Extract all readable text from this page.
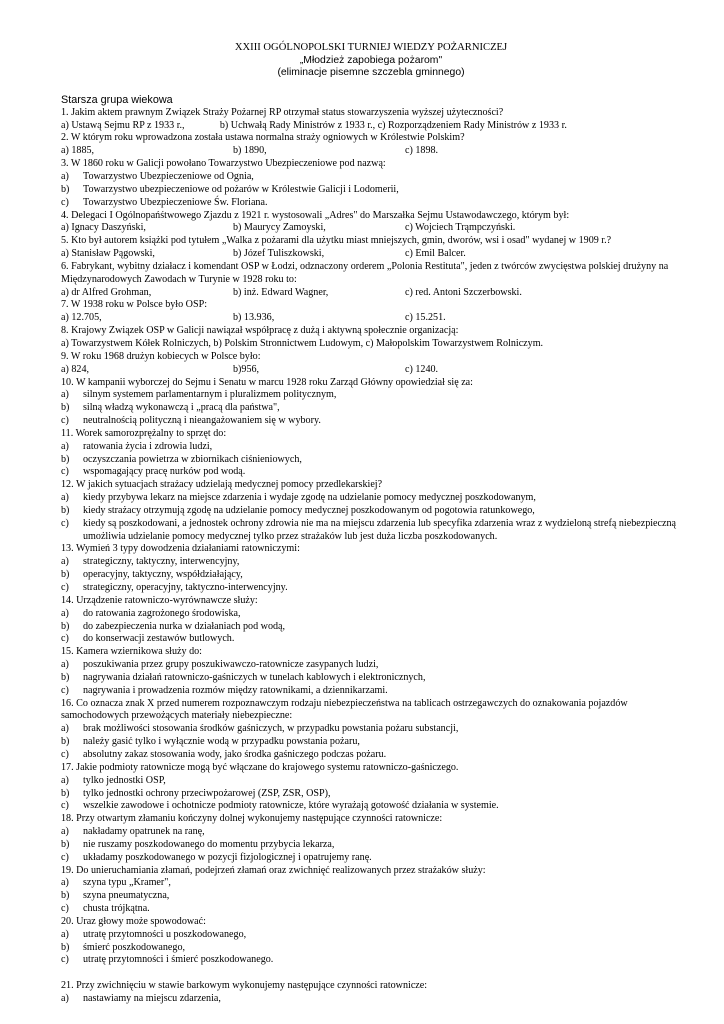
XXIII OGÓLNOPOLSKI TURNIEJ WIEDZY POŻARNICZEJ
„Młodzież zapobiega pożarom"
(eliminacje pisemne szczebla gminnego)
Starsza grupa wiekowa
1. Jakim aktem prawnym Związek Straży Pożarnej RP otrzymał status stowarzyszenia wyższej użyteczności?
a) Ustawą Sejmu RP z 1933 r.,              b) Uchwałą Rady Ministrów z 1933 r., c) Rozporządzeniem Rady Ministrów z 1933 r.
2. W którym roku wprowadzona została ustawa normalna straży ogniowych w Królestwie Polskim?
a) 1885,	b) 1890,	c) 1898.
3. W 1860 roku w Galicji powołano Towarzystwo Ubezpieczeniowe pod nazwą:
a)	Towarzystwo Ubezpieczeniowe od Ognia,
b)	Towarzystwo ubezpieczeniowe od pożarów w Królestwie Galicji i Lodomerii,
c)	Towarzystwo Ubezpieczeniowe Św. Floriana.
4. Delegaci I Ogólnopańśtwowego Zjazdu z 1921 r. wystosowali „Adres" do Marszałka Sejmu Ustawodawczego, którym był:
a) Ignacy Daszyński,	b) Maurycy Zamoyski,	c) Wojciech Trąmpczyński.
5. Kto był autorem książki pod tytułem „Walka z pożarami dla użytku miast mniejszych, gmin, dworów, wsi i osad" wydanej w 1909 r.?
a) Stanisław Pągowski,	b) Józef Tuliszkowski,	c) Emil Balcer.
6. Fabrykant, wybitny działacz i komendant OSP w Łodzi, odznaczony orderem „Polonia Restituta", jeden z twórców zwycięstwa polskiej drużyny na Międzynarodowych Zawodach w Turynie w 1928 roku to:
a) dr Alfred Grohman,	b) inż. Edward Wagner,	c) red. Antoni Szczerbowski.
7. W 1938 roku w Polsce było OSP:
a) 12.705,	b) 13.936,	c) 15.251.
8. Krajowy Związek OSP w Galicji nawiązał współpracę z dużą i aktywną społecznie organizacją:
a) Towarzystwem Kółek Rolniczych, b) Polskim Stronnictwem Ludowym, c) Małopolskim Towarzystwem Rolniczym.
9. W roku 1968 drużyn kobiecych w Polsce było:
a) 824,	b)956,	c) 1240.
10. W kampanii wyborczej do Sejmu i Senatu w marcu 1928 roku Zarząd Główny opowiedział się za:
a)	silnym systemem parlamentarnym i pluralizmem politycznym,
b)	silną władzą wykonawczą i „pracą dla państwa",
c)	neutralnością polityczną i nieangażowaniem się w wybory.
11. Worek samorozprężalny to sprzęt do:
a)	ratowania życia i zdrowia ludzi,
b)	oczyszczania powietrza w zbiornikach ciśnieniowych,
c)	wspomagający pracę nurków pod wodą.
12. W jakich sytuacjach strażacy udzielają medycznej pomocy przedlekarskiej?
a)	kiedy przybywa lekarz na miejsce zdarzenia i wydaje zgodę na udzielanie pomocy medycznej poszkodowanym,
b)	kiedy strażacy otrzymują zgodę na udzielanie pomocy medycznej poszkodowanym od pogotowia ratunkowego,
c)	kiedy są poszkodowani, a jednostek ochrony zdrowia nie ma na miejscu zdarzenia lub specyfika zdarzenia wraz z wydzieloną strefą niebezpieczną umożliwia udzielanie pomocy medycznej tylko przez strażaków lub jest duża liczba poszkodowanych.
13. Wymień 3 typy dowodzenia działaniami ratowniczymi:
a)	strategiczny, taktyczny, interwencyjny,
b)	operacyjny, taktyczny, współdziałający,
c)	strategiczny, operacyjny, taktyczno-interwencyjny.
14. Urządzenie ratowniczo-wyrównawcze służy:
a)	do ratowania zagrożonego środowiska,
b)	do zabezpieczenia nurka w działaniach pod wodą,
c)	do konserwacji zestawów butlowych.
15. Kamera wziernikowa służy do:
a)	poszukiwania przez grupy poszukiwawczo-ratownicze zasypanych ludzi,
b)	nagrywania działań ratowniczo-gaśniczych w tunelach kablowych i elektronicznych,
c)	nagrywania i prowadzenia rozmów między ratownikami, a dziennikarzami.
16. Co oznacza znak X przed numerem rozpoznawczym rodzaju niebezpieczeństwa na tablicach ostrzegawczych do oznakowania pojazdów samochodowych przewożących materiały niebezpieczne:
a)	brak możliwości stosowania środków gaśniczych, w przypadku powstania pożaru substancji,
b)	należy gasić tylko i wyłącznie wodą w przypadku powstania pożaru,
c)	absolutny zakaz stosowania wody, jako środka gaśniczego podczas pożaru.
17. Jakie podmioty ratownicze mogą być włączane do krajowego systemu ratowniczo-gaśniczego.
a)	tylko jednostki OSP,
b)	tylko jednostki ochrony przeciwpożarowej (ZSP, ZSR, OSP),
c)	wszelkie zawodowe i ochotnicze podmioty ratownicze, które wyrażają gotowość działania w systemie.
18. Przy otwartym złamaniu kończyny dolnej wykonujemy następujące czynności ratownicze:
a)	nakładamy opatrunek na ranę,
b)	nie ruszamy poszkodowanego do momentu przybycia lekarza,
c)	układamy poszkodowanego w pozycji fizjologicznej i opatrujemy ranę.
19. Do unieruchamiania złamań, podejrzeń złamań oraz zwichnięć realizowanych przez strażaków służy:
a)	szyna typu „Kramer",
b)	szyna pneumatyczna,
c)	chusta trójkątna.
20. Uraz głowy może spowodować:
a)	utratę przytomności u poszkodowanego,
b)	śmierć poszkodowanego,
c)	utratę przytomności i śmierć poszkodowanego.
21. Przy zwichnięciu w stawie barkowym wykonujemy następujące czynności ratownicze:
a)	nastawiamy na miejscu zdarzenia,
